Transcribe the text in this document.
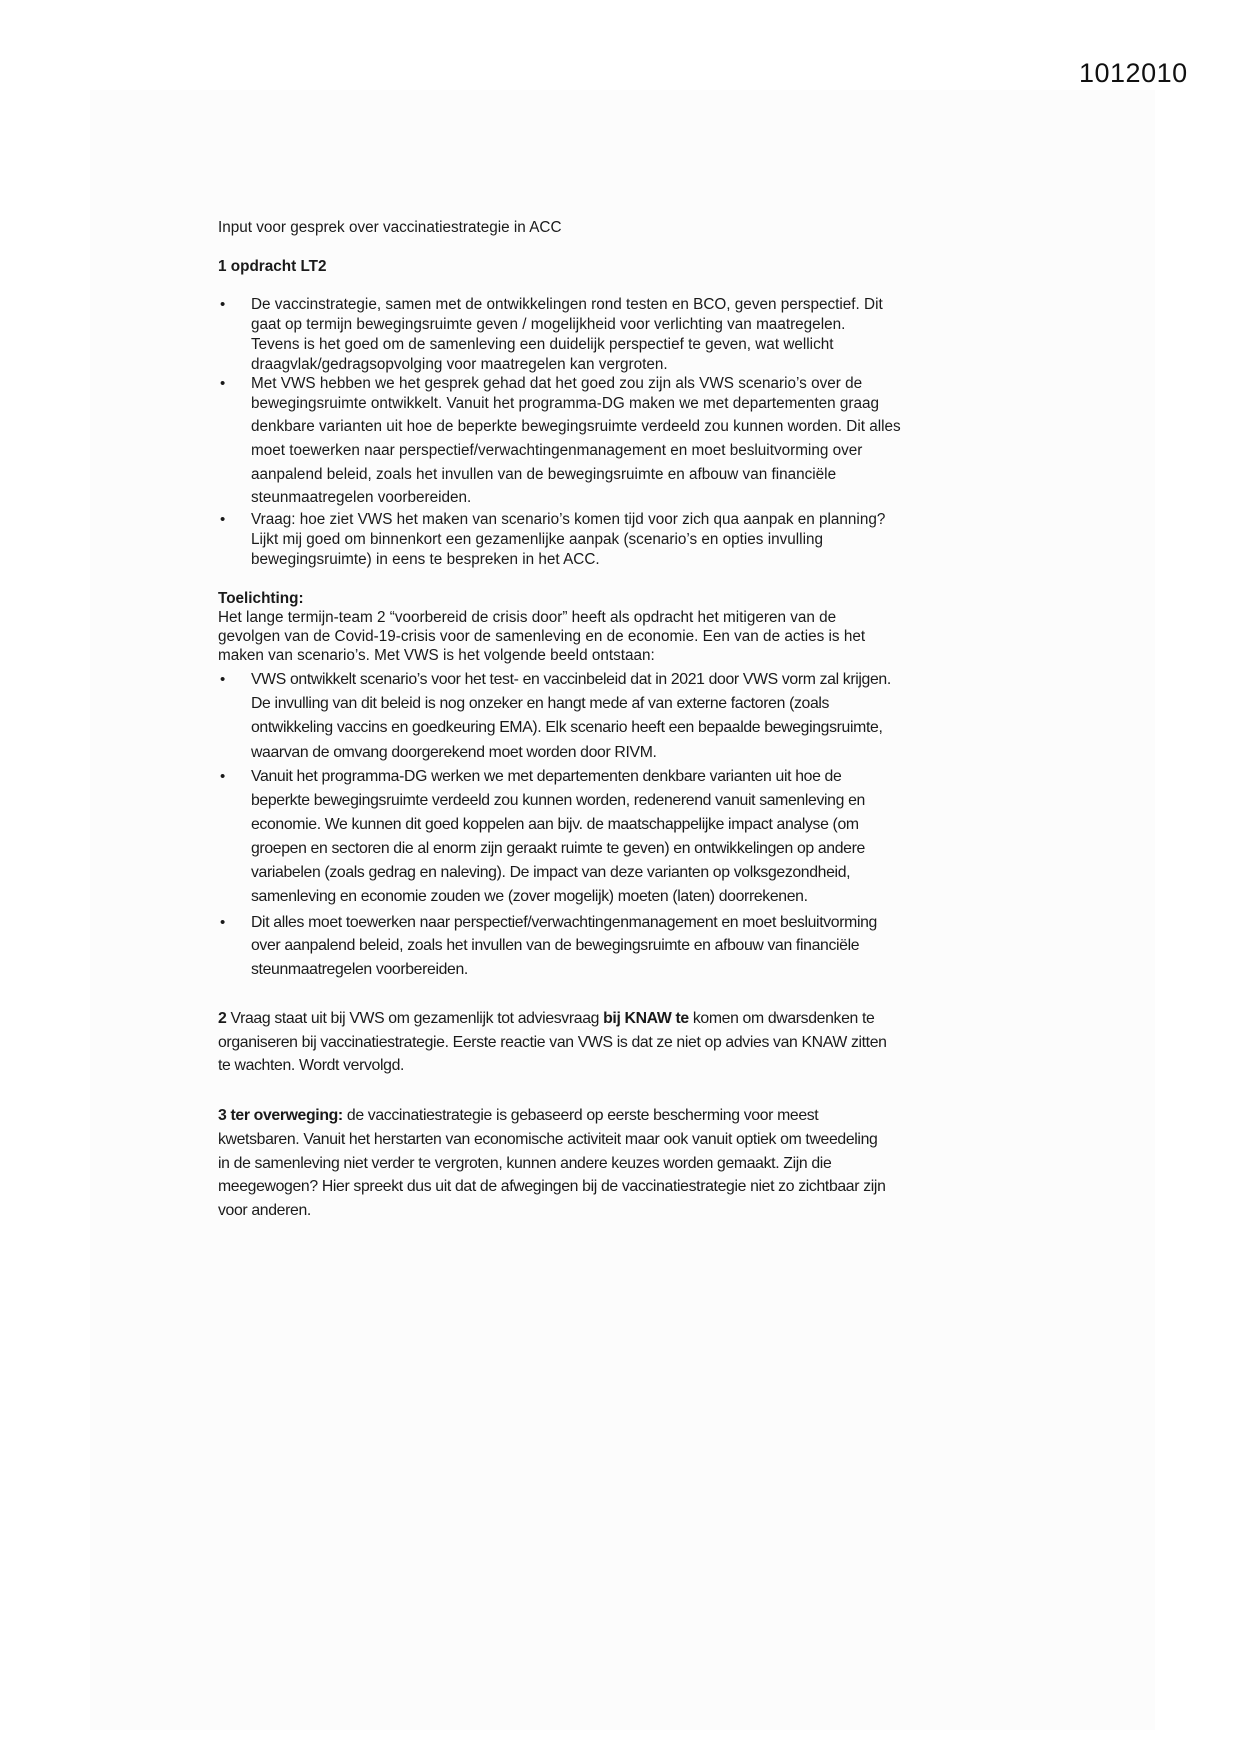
1012010
Input voor gesprek over vaccinatiestrategie in ACC
1 opdracht LT2
• De vaccinstrategie, samen met de ontwikkelingen rond testen en BCO, geven perspectief. Dit
gaat op termijn bewegingsruimte geven / mogelijkheid voor verlichting van maatregelen.
Tevens is het goed om de samenleving een duidelijk perspectief te geven, wat wellicht
draagvlak/gedragsopvolging voor maatregelen kan vergroten.
• Met VWS hebben we het gesprek gehad dat het goed zou zijn als VWS scenario’s over de
bewegingsruimte ontwikkelt. Vanuit het programma-DG maken we met departementen graag
denkbare varianten uit hoe de beperkte bewegingsruimte verdeeld zou kunnen worden. Dit alles
moet toewerken naar perspectief/verwachtingenmanagement en moet besluitvorming over
aanpalend beleid, zoals het invullen van de bewegingsruimte en afbouw van financiële
steunmaatregelen voorbereiden.
• Vraag: hoe ziet VWS het maken van scenario’s komen tijd voor zich qua aanpak en planning?
Lijkt mij goed om binnenkort een gezamenlijke aanpak (scenario’s en opties invulling
bewegingsruimte) in eens te bespreken in het ACC.
Toelichting:
Het lange termijn-team 2 “voorbereid de crisis door” heeft als opdracht het mitigeren van de
gevolgen van de Covid-19-crisis voor de samenleving en de economie. Een van de acties is het
maken van scenario’s. Met VWS is het volgende beeld ontstaan:
• VWS ontwikkelt scenario’s voor het test- en vaccinbeleid dat in 2021 door VWS vorm zal krijgen.
De invulling van dit beleid is nog onzeker en hangt mede af van externe factoren (zoals
ontwikkeling vaccins en goedkeuring EMA). Elk scenario heeft een bepaalde bewegingsruimte,
waarvan de omvang doorgerekend moet worden door RIVM.
• Vanuit het programma-DG werken we met departementen denkbare varianten uit hoe de
beperkte bewegingsruimte verdeeld zou kunnen worden, redenerend vanuit samenleving en
economie. We kunnen dit goed koppelen aan bijv. de maatschappelijke impact analyse (om
groepen en sectoren die al enorm zijn geraakt ruimte te geven) en ontwikkelingen op andere
variabelen (zoals gedrag en naleving). De impact van deze varianten op volksgezondheid,
samenleving en economie zouden we (zover mogelijk) moeten (laten) doorrekenen.
• Dit alles moet toewerken naar perspectief/verwachtingenmanagement en moet besluitvorming
over aanpalend beleid, zoals het invullen van de bewegingsruimte en afbouw van financiële
steunmaatregelen voorbereiden.
2 Vraag staat uit bij VWS om gezamenlijk tot adviesvraag bij KNAW te komen om dwarsdenken te
organiseren bij vaccinatiestrategie. Eerste reactie van VWS is dat ze niet op advies van KNAW zitten
te wachten. Wordt vervolgd.
3 ter overweging: de vaccinatiestrategie is gebaseerd op eerste bescherming voor meest
kwetsbaren. Vanuit het herstarten van economische activiteit maar ook vanuit optiek om tweedeling
in de samenleving niet verder te vergroten, kunnen andere keuzes worden gemaakt. Zijn die
meegewogen? Hier spreekt dus uit dat de afwegingen bij de vaccinatiestrategie niet zo zichtbaar zijn
voor anderen.
